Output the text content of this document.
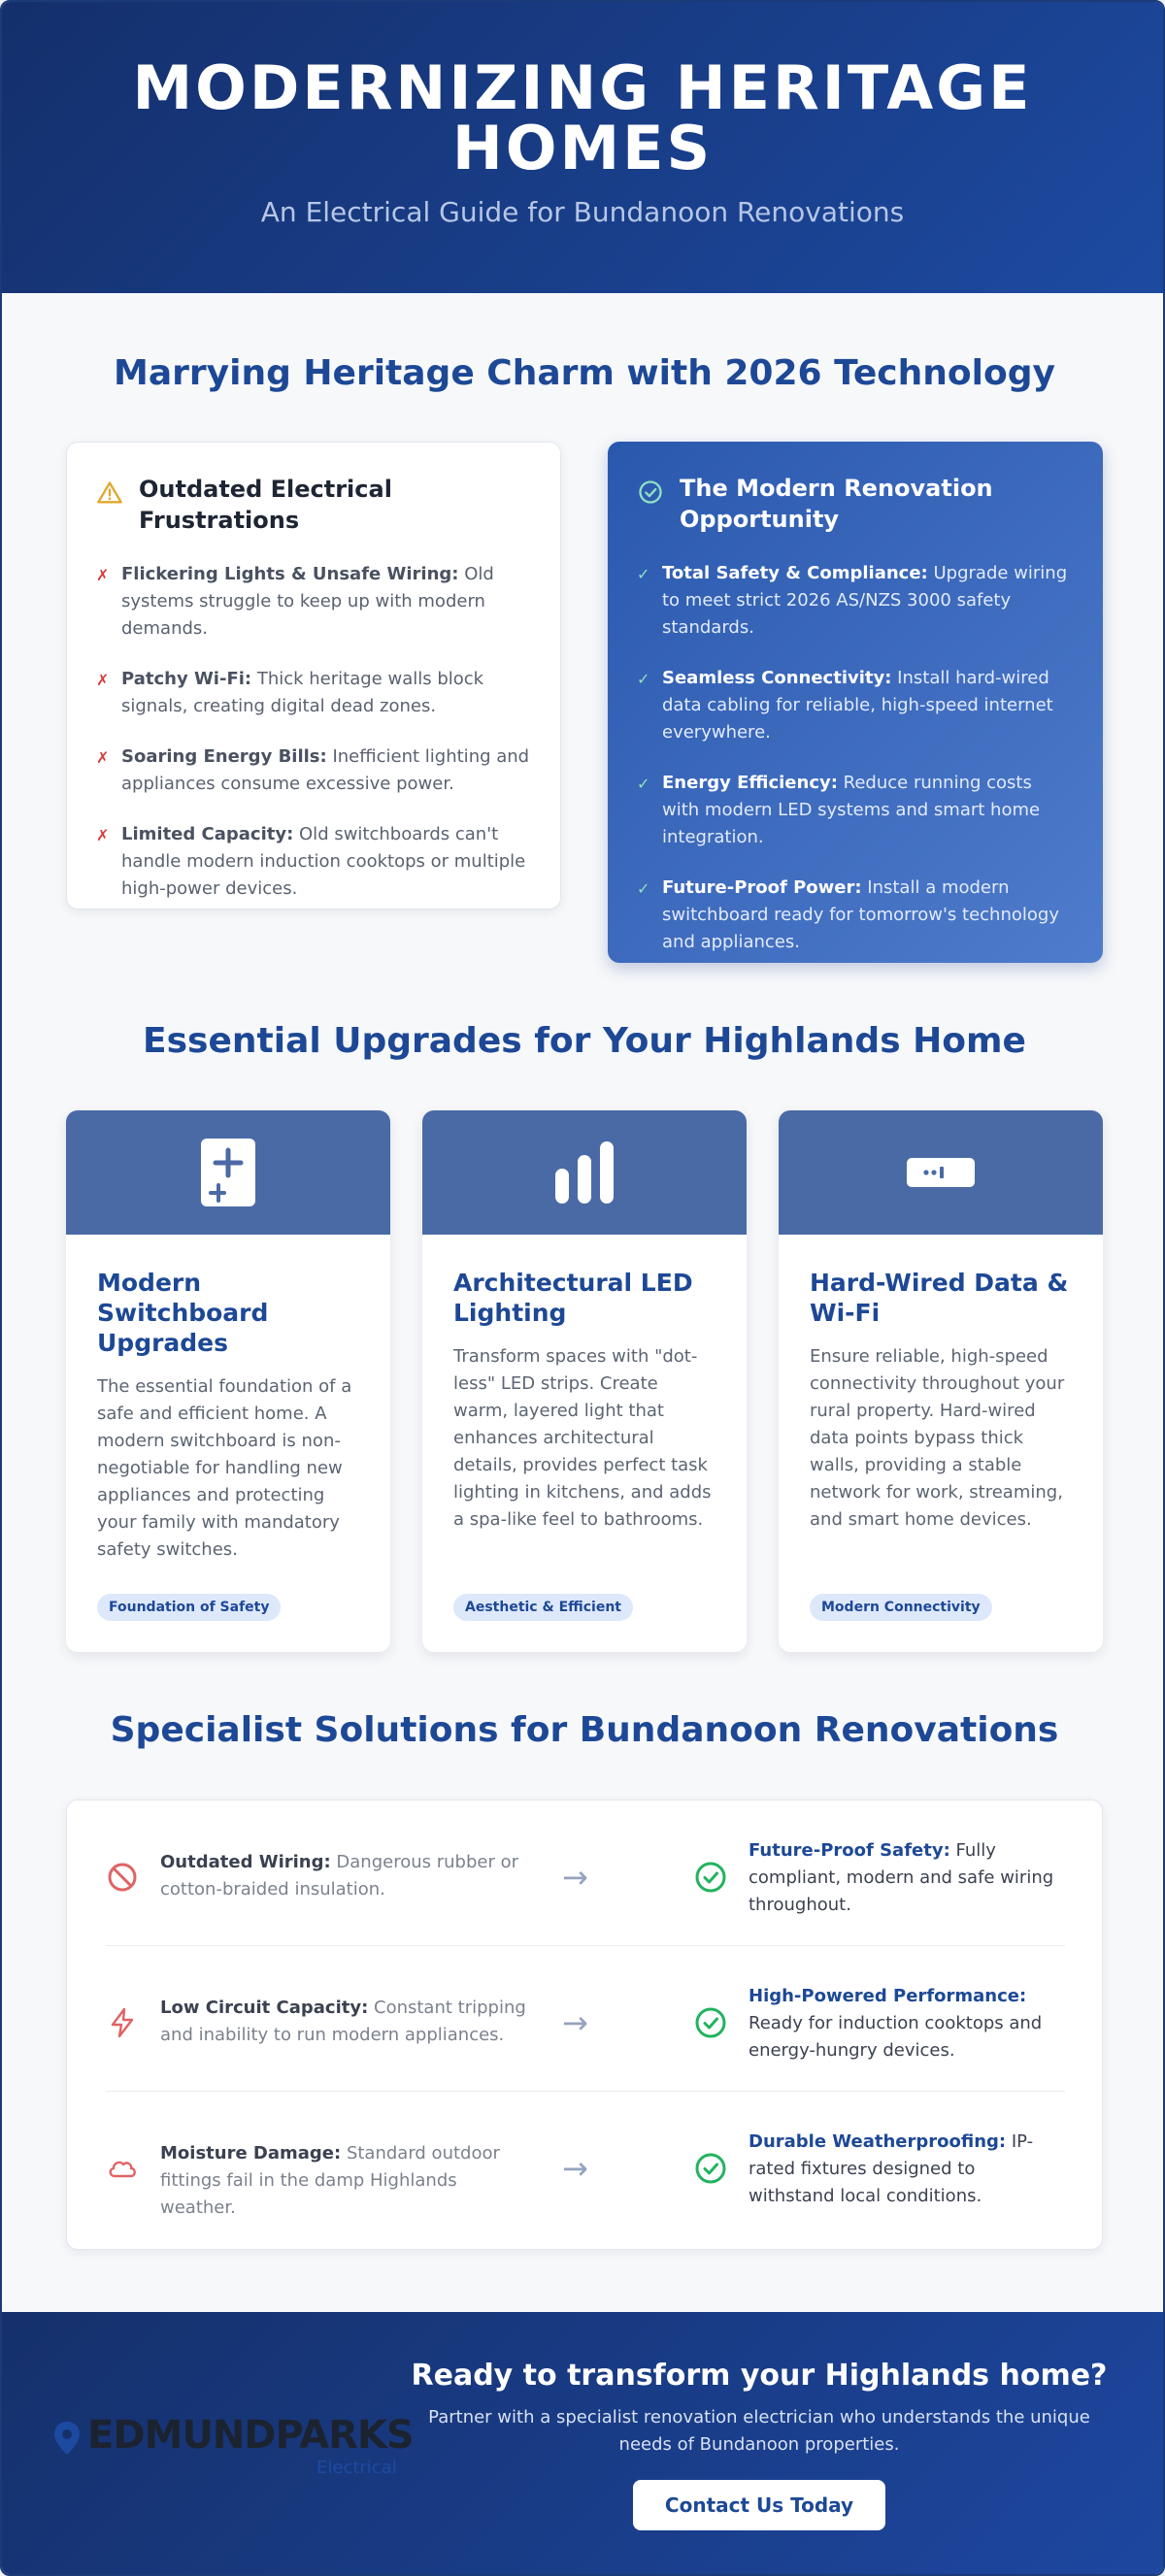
MODERNIZING HERITAGE HOMES
An Electrical Guide for Bundanoon Renovations
Marrying Heritage Charm with 2026 Technology
Outdated Electrical Frustrations
✗ Flickering Lights & Unsafe Wiring: Old systems struggle to keep up with modern demands.
✗ Patchy Wi-Fi: Thick heritage walls block signals, creating digital dead zones.
✗ Soaring Energy Bills: Inefficient lighting and appliances consume excessive power.
✗ Limited Capacity: Old switchboards can't handle modern induction cooktops or multiple high-power devices.
The Modern Renovation Opportunity
✓ Total Safety & Compliance: Upgrade wiring to meet strict 2026 AS/NZS 3000 safety standards.
✓ Seamless Connectivity: Install hard-wired data cabling for reliable, high-speed internet everywhere.
✓ Energy Efficiency: Reduce running costs with modern LED systems and smart home integration.
✓ Future-Proof Power: Install a modern switchboard ready for tomorrow's technology and appliances.
Essential Upgrades for Your Highlands Home
Modern Switchboard Upgrades

The essential foundation of a safe and efficient home. A modern switchboard is non-negotiable for handling new appliances and protecting your family with mandatory safety switches.

Foundation of Safety
Architectural LED Lighting

Transform spaces with "dot-less" LED strips. Create warm, layered light that enhances architectural details, provides perfect task lighting in kitchens, and adds a spa-like feel to bathrooms.

Aesthetic & Efficient
Hard-Wired Data & Wi-Fi

Ensure reliable, high-speed connectivity throughout your rural property. Hard-wired data points bypass thick walls, providing a stable network for work, streaming, and smart home devices.

Modern Connectivity
Specialist Solutions for Bundanoon Renovations
Outdated Wiring: Dangerous rubber or cotton-braided insulation.	→
Future-Proof Safety: Fully compliant, modern and safe wiring throughout.
Low Circuit Capacity: Constant tripping and inability to run modern appliances.	→
High-Powered Performance: Ready for induction cooktops and energy-hungry devices.
Moisture Damage: Standard outdoor fittings fail in the damp Highlands weather.
→
Durable Weatherproofing: IP-rated fixtures designed to withstand local conditions.
EDMUNDPARKS
Electrical
Ready to transform your Highlands home?

Partner with a specialist renovation electrician who understands the unique needs of Bundanoon properties.

Contact Us Today
